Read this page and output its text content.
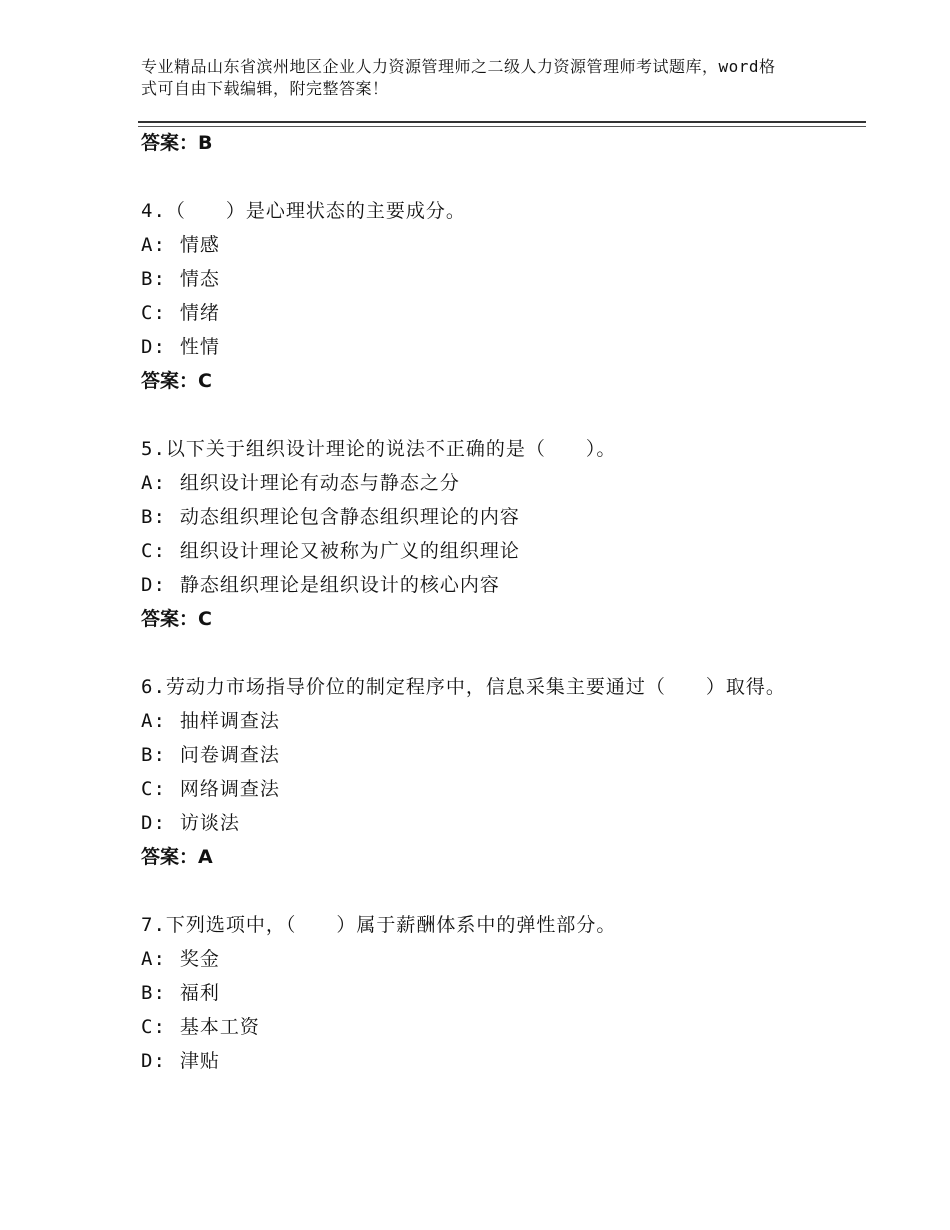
专业精品山东省滨州地区企业人力资源管理师之二级人力资源管理师考试题库，word格式可自由下载编辑，附完整答案！
答案：B
4.（　　）是心理状态的主要成分。
A: 情感
B: 情态
C: 情绪
D: 性情
答案：C
5.以下关于组织设计理论的说法不正确的是（　　）。
A: 组织设计理论有动态与静态之分
B: 动态组织理论包含静态组织理论的内容
C: 组织设计理论又被称为广义的组织理论
D: 静态组织理论是组织设计的核心内容
答案：C
6.劳动力市场指导价位的制定程序中，信息采集主要通过（　　）取得。
A: 抽样调查法
B: 问卷调查法
C: 网络调查法
D: 访谈法
答案：A
7.下列选项中，（　　）属于薪酬体系中的弹性部分。
A: 奖金
B: 福利
C: 基本工资
D: 津贴
